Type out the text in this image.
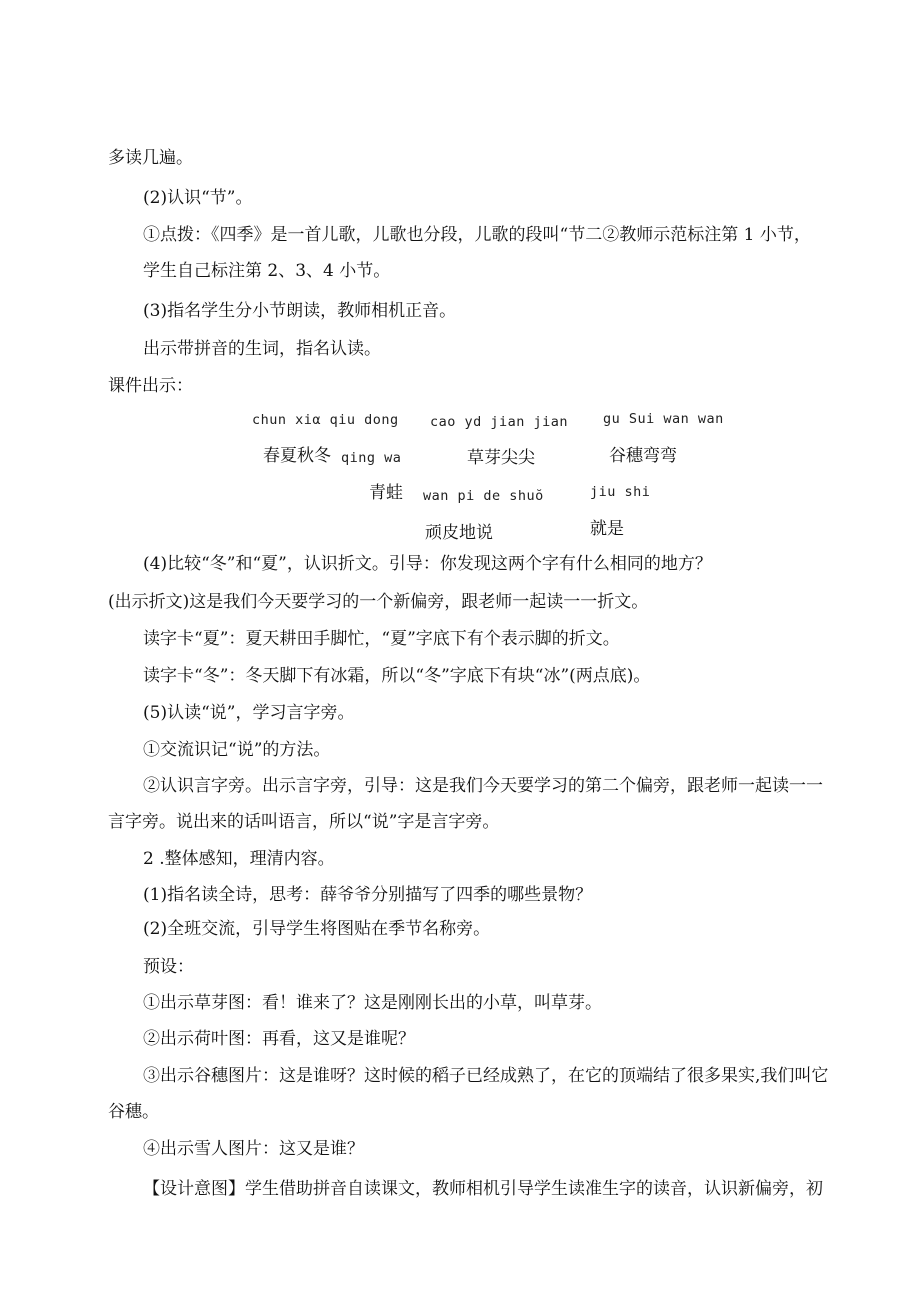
多读几遍。
(2)认识“节”。
①点拨：《四季》是一首儿歌，儿歌也分段，儿歌的段叫“节二②教师示范标注第 1 小节，
学生自己标注第 2、3、4 小节。
(3)指名学生分小节朗读，教师相机正音。
出示带拼音的生词，指名认读。
课件出示：
chun xiα qiu dong cao yd jian jian	gu Sui wan wan
春夏秋冬 qing wa	草芽尖尖	谷穗弯弯
青蛙 wan pi de shuŏ	jiu shi
顽皮地说	就是
(4)比较“冬”和“夏”，认识折文。引导：你发现这两个字有什么相同的地方？
(出示折文)这是我们今天要学习的一个新偏旁，跟老师一起读一一折文。
读字卡“夏”：夏天耕田手脚忙，“夏”字底下有个表示脚的折文。
读字卡“冬”：冬天脚下有冰霜，所以“冬”字底下有块“冰”(两点底)。
(5)认读“说”，学习言字旁。
①交流识记“说”的方法。
②认识言字旁。出示言字旁，引导：这是我们今天要学习的第二个偏旁，跟老师一起读一一
言字旁。说出来的话叫语言，所以“说”字是言字旁。
2 .整体感知，理清内容。
(1)指名读全诗，思考：薛爷爷分别描写了四季的哪些景物？
(2)全班交流，引导学生将图贴在季节名称旁。
预设：
①出示草芽图：看！谁来了？这是刚刚长出的小草，叫草芽。
②出示荷叶图：再看，这又是谁呢？
③出示谷穗图片：这是谁呀？这时候的稻子已经成熟了，在它的顶端结了很多果实,我们叫它
谷穗。
④出示雪人图片：这又是谁？
【设计意图】学生借助拼音自读课文，教师相机引导学生读准生字的读音，认识新偏旁，初
